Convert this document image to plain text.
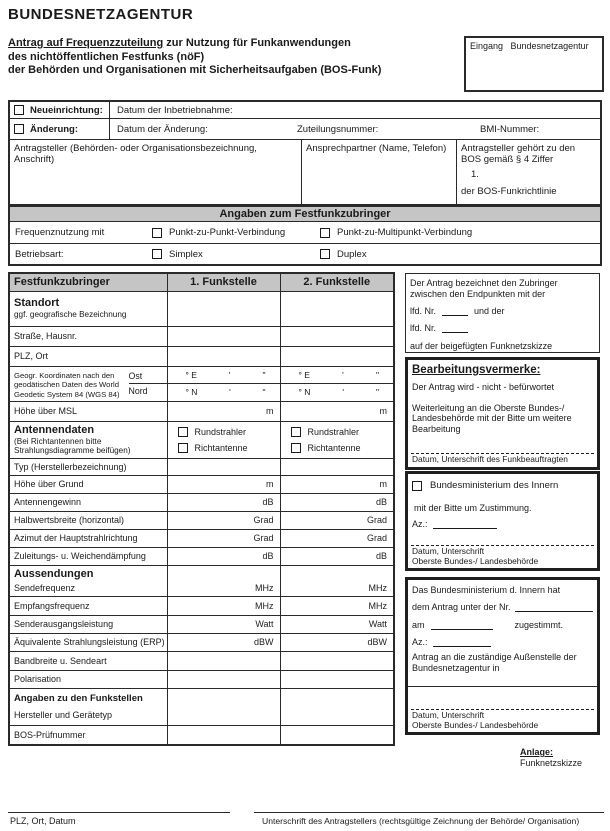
BUNDESNETZAGENTUR
Antrag auf Frequenzzuteilung zur Nutzung für Funkanwendungen
des nichtöffentlichen Festfunks (nöF)
der Behörden und Organisationen mit Sicherheitsaufgaben (BOS-Funk)
Eingang Bundesnetzagentur
Neueinrichtung:	Datum der Inbetriebnahme:
Änderung:	Datum der Änderung:	Zuteilungsnummer:	BMI-Nummer:
Antragsteller (Behörden- oder Organisationsbezeichnung, Anschrift)
Ansprechpartner (Name, Telefon)	Antragsteller gehört zu den BOS gemäß § 4 Ziffer
1.
der BOS-Funkrichtlinie
Angaben zum Festfunkzubringer
Frequenznutzung mit	Punkt-zu-Punkt-Verbindung	Punkt-zu-Multipunkt-Verbindung
Betriebsart:	Simplex	Duplex
Festfunkzubringer	1. Funkstelle	2. Funkstelle

Standort
ggf. geografische Bezeichnung		

Straße, Hausnr.		
PLZ, Ort		

Geogr. Koordinaten nach den geodätischen Daten des World Geodetic System 84 (WGS 84)
Ost
Nord

° E	'	"
° N	'	"

° E	'	"
° N	'	"

Höhe über MSL	m	m

Antennendaten
(Bei Richtantennen bitte Strahlungsdiagramme beifügen)

Rundstrahler
Richtantenne

Rundstrahler
Richtantenne

Typ (Herstellerbezeichnung)		
Höhe über Grund	m	m
Antennengewinn	dB	dB
Halbwertsbreite (horizontal)	Grad	Grad
Azimut der Hauptstrahlrichtung	Grad	Grad
Zuleitungs- u. Weichendämpfung	dB	dB

Aussendungen
Sendefrequenz	MHz	MHz
Empfangsfrequenz	MHz	MHz
Senderausgangsleistung	Watt	Watt
Äquivalente Strahlungsleistung (ERP)	dBW	dBW
Bandbreite u. Sendeart		
Polarisation		

Angaben zu den Funkstellen
Hersteller und Gerätetyp		

BOS-Prüfnummer		
Der Antrag bezeichnet den Zubringer zwischen den Endpunkten mit der
lfd. Nr.	und der
lfd. Nr.
auf der beigefügten Funknetzskizze
Bearbeitungsvermerke:
Der Antrag wird - nicht - befürwortet
Weiterleitung an die Oberste Bundes-/ Landesbehörde mit der Bitte um weitere Bearbeitung
Datum, Unterschrift des Funkbeauftragten
Bundesministerium des Innern
mit der Bitte um Zustimmung.
Az.:
Datum, Unterschrift
Oberste Bundes-/ Landesbehörde
Das Bundesministerium d. Innern hat
dem Antrag unter der Nr.
am	zugestimmt.
Az.:
Antrag an die zuständige Außenstelle der Bundesnetzagentur in
Datum, Unterschrift
Oberste Bundes-/ Landesbehörde
Anlage:
Funknetzskizze
PLZ, Ort, Datum	Unterschrift des Antragstellers (rechtsgültige Zeichnung der Behörde/ Organisation)
